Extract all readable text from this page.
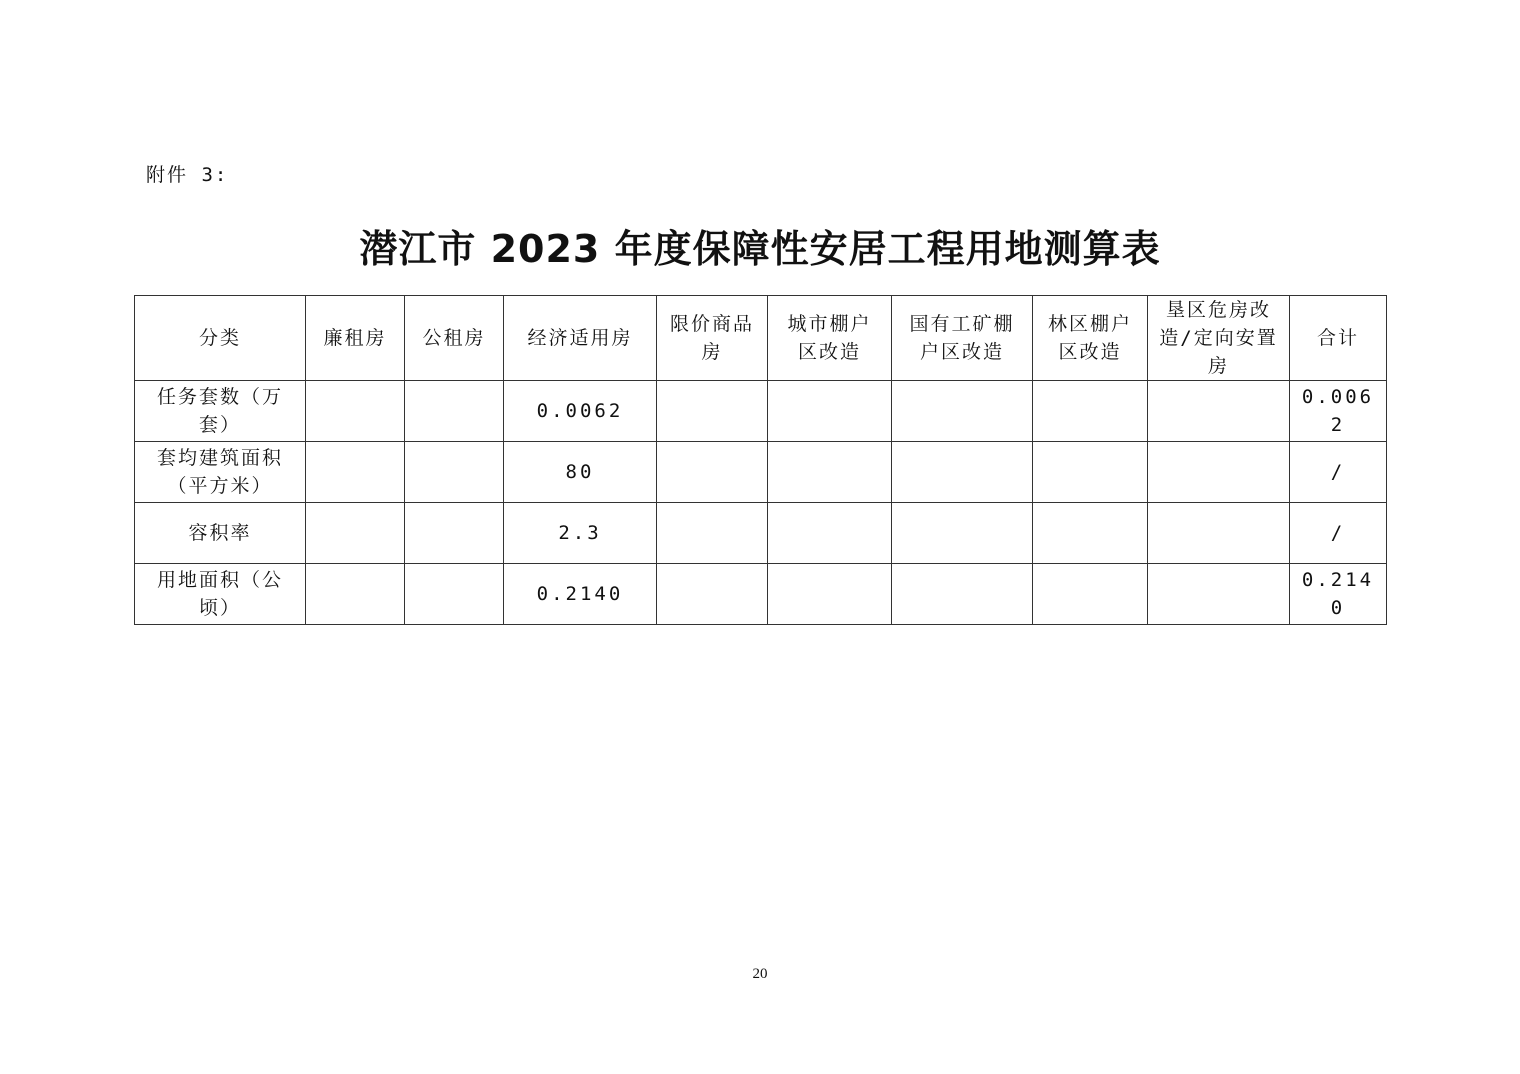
附件 3:
潜江市 2023 年度保障性安居工程用地测算表
分类	廉租房	公租房	经济适用房	限价商品房	城市棚户区改造	国有工矿棚户区改造	林区棚户区改造	垦区危房改造/定向安置房	合计
任务套数（万套）			0.0062						0.0062
套均建筑面积（平方米）			80						/
容积率			2.3						/
用地面积（公顷）			0.2140						0.2140
20
